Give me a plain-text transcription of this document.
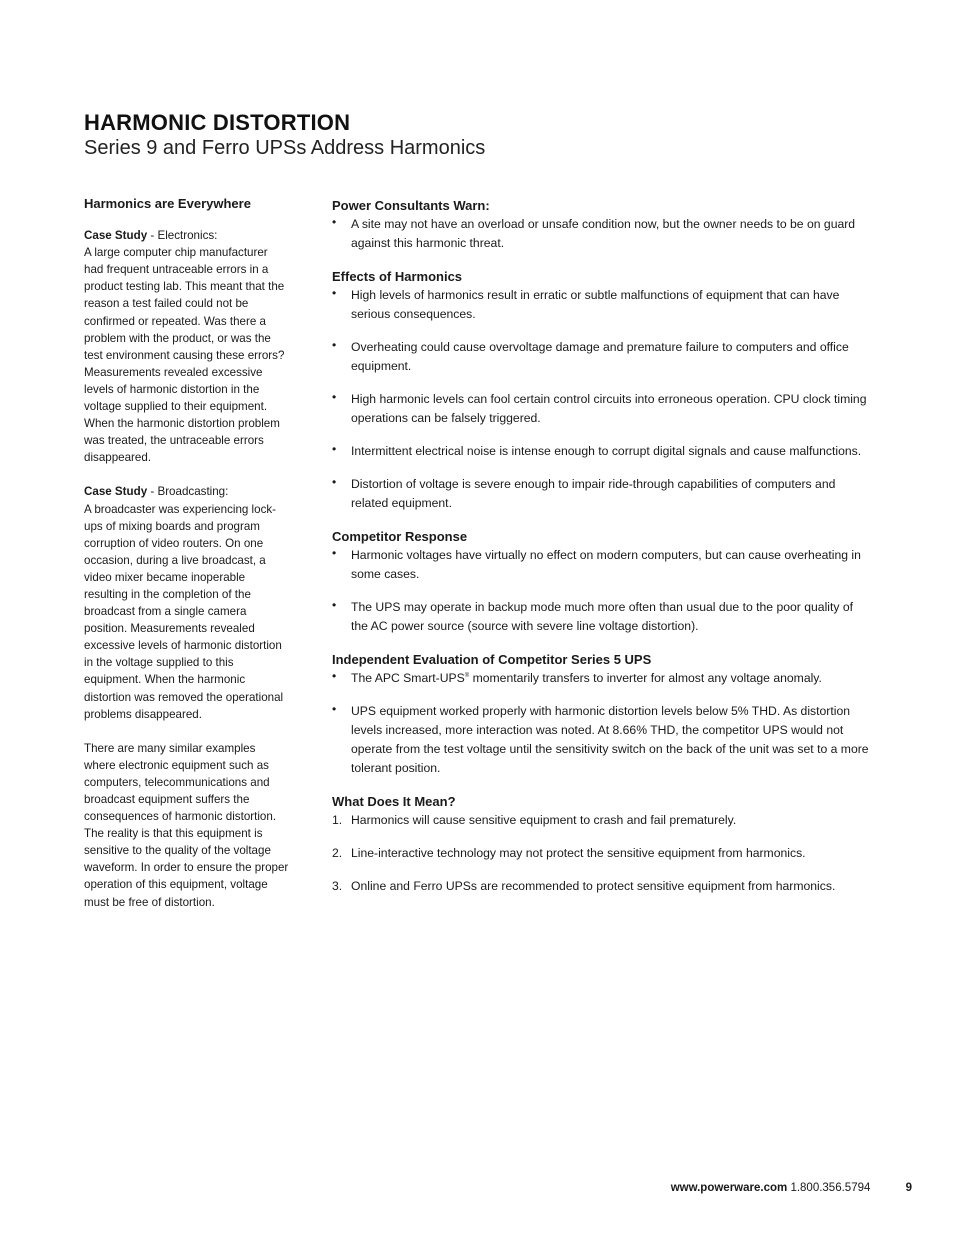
HARMONIC DISTORTION
Series 9 and Ferro UPSs Address Harmonics
Harmonics are Everywhere

Case Study - Electronics:
A large computer chip manufacturer had frequent untraceable errors in a product testing lab. This meant that the reason a test failed could not be confirmed or repeated. Was there a problem with the product, or was the test environment causing these errors? Measurements revealed excessive levels of harmonic distortion in the voltage supplied to their equipment. When the harmonic distortion problem was treated, the untraceable errors disappeared.

Case Study - Broadcasting:
A broadcaster was experiencing lock-ups of mixing boards and program corruption of video routers. On one occasion, during a live broadcast, a video mixer became inoperable resulting in the completion of the broadcast from a single camera position. Measurements revealed excessive levels of harmonic distortion in the voltage supplied to this equipment. When the harmonic distortion was removed the operational problems disappeared.

There are many similar examples where electronic equipment such as computers, telecommunications and broadcast equipment suffers the consequences of harmonic distortion. The reality is that this equipment is sensitive to the quality of the voltage waveform. In order to ensure the proper operation of this equipment, voltage must be free of distortion.

Power Consultants Warn:
• A site may not have an overload or unsafe condition now, but the owner needs to be on guard against this harmonic threat.
Effects of Harmonics
• High levels of harmonics result in erratic or subtle malfunctions of equipment that can have serious consequences.
• Overheating could cause overvoltage damage and premature failure to computers and office equipment.
• High harmonic levels can fool certain control circuits into erroneous operation. CPU clock timing operations can be falsely triggered.
• Intermittent electrical noise is intense enough to corrupt digital signals and cause malfunctions.
• Distortion of voltage is severe enough to impair ride-through capabilities of computers and related equipment.
Competitor Response
• Harmonic voltages have virtually no effect on modern computers, but can cause overheating in some cases.
• The UPS may operate in backup mode much more often than usual due to the poor quality of the AC power source (source with severe line voltage distortion).
Independent Evaluation of Competitor Series 5 UPS
• The APC Smart-UPS® momentarily transfers to inverter for almost any voltage anomaly.
• UPS equipment worked properly with harmonic distortion levels below 5% THD. As distortion levels increased, more interaction was noted. At 8.66% THD, the competitor UPS would not operate from the test voltage until the sensitivity switch on the back of the unit was set to a more tolerant position.
What Does It Mean?
1. Harmonics will cause sensitive equipment to crash and fail prematurely.
2. Line-interactive technology may not protect the sensitive equipment from harmonics.
3. Online and Ferro UPSs are recommended to protect sensitive equipment from harmonics.
www.powerware.com 1.800.356.5794	9
